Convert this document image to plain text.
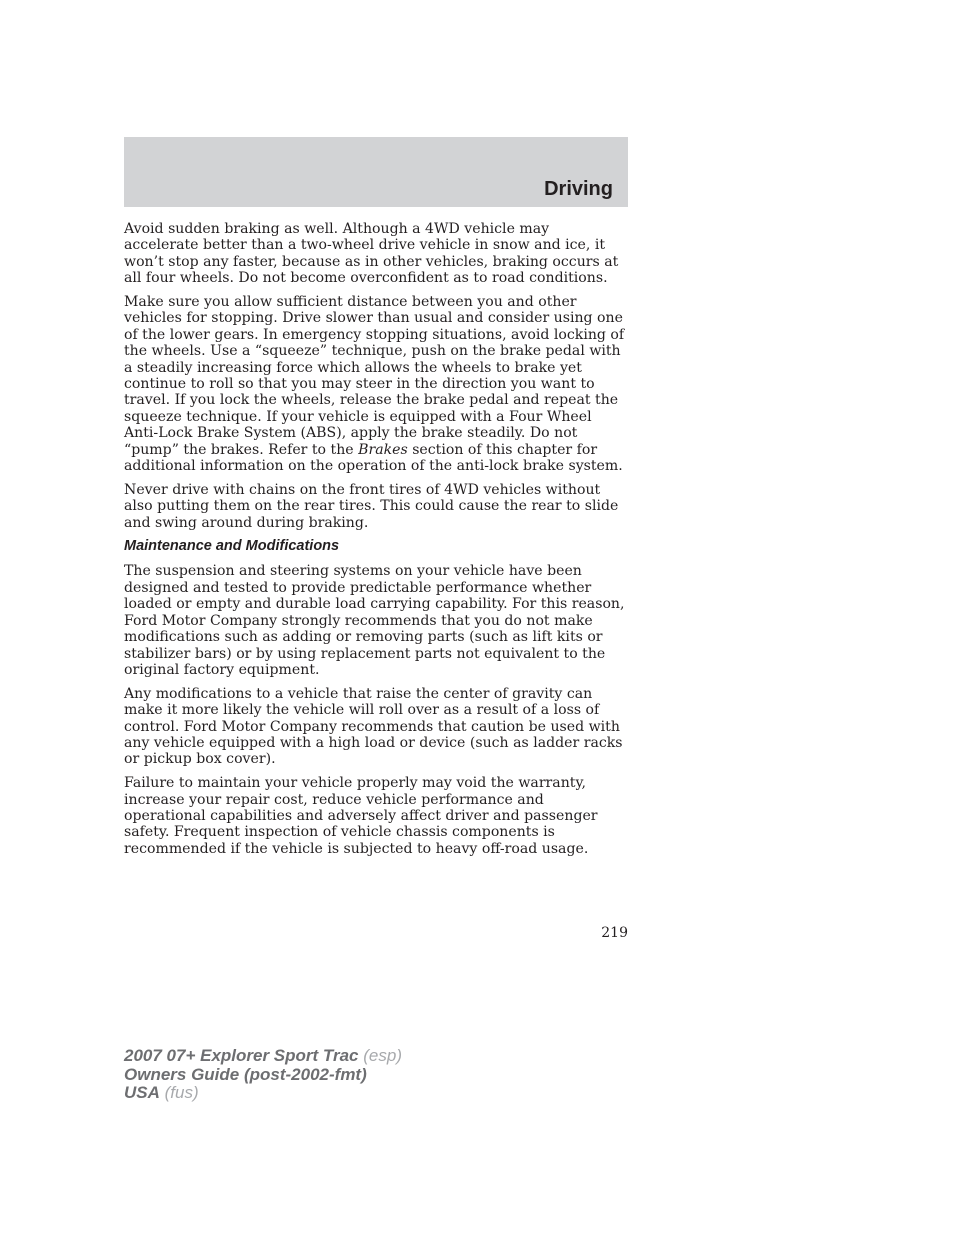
Driving

Avoid sudden braking as well. Although a 4WD vehicle may accelerate better than a two-wheel drive vehicle in snow and ice, it won’t stop any faster, because as in other vehicles, braking occurs at all four wheels. Do not become overconfident as to road conditions.

Make sure you allow sufficient distance between you and other vehicles for stopping. Drive slower than usual and consider using one of the lower gears. In emergency stopping situations, avoid locking of the wheels. Use a “squeeze” technique, push on the brake pedal with a steadily increasing force which allows the wheels to brake yet continue to roll so that you may steer in the direction you want to travel. If you lock the wheels, release the brake pedal and repeat the squeeze technique. If your vehicle is equipped with a Four Wheel Anti-Lock Brake System (ABS), apply the brake steadily. Do not “pump” the brakes. Refer to the Brakes section of this chapter for additional information on the operation of the anti-lock brake system.

Never drive with chains on the front tires of 4WD vehicles without also putting them on the rear tires. This could cause the rear to slide and swing around during braking.

Maintenance and Modifications

The suspension and steering systems on your vehicle have been designed and tested to provide predictable performance whether loaded or empty and durable load carrying capability. For this reason, Ford Motor Company strongly recommends that you do not make modifications such as adding or removing parts (such as lift kits or stabilizer bars) or by using replacement parts not equivalent to the original factory equipment.

Any modifications to a vehicle that raise the center of gravity can make it more likely the vehicle will roll over as a result of a loss of control. Ford Motor Company recommends that caution be used with any vehicle equipped with a high load or device (such as ladder racks or pickup box cover).

Failure to maintain your vehicle properly may void the warranty, increase your repair cost, reduce vehicle performance and operational capabilities and adversely affect driver and passenger safety. Frequent inspection of vehicle chassis components is recommended if the vehicle is subjected to heavy off-road usage.

219
2007 07+ Explorer Sport Trac (esp)
Owners Guide (post-2002-fmt)
USA (fus)
